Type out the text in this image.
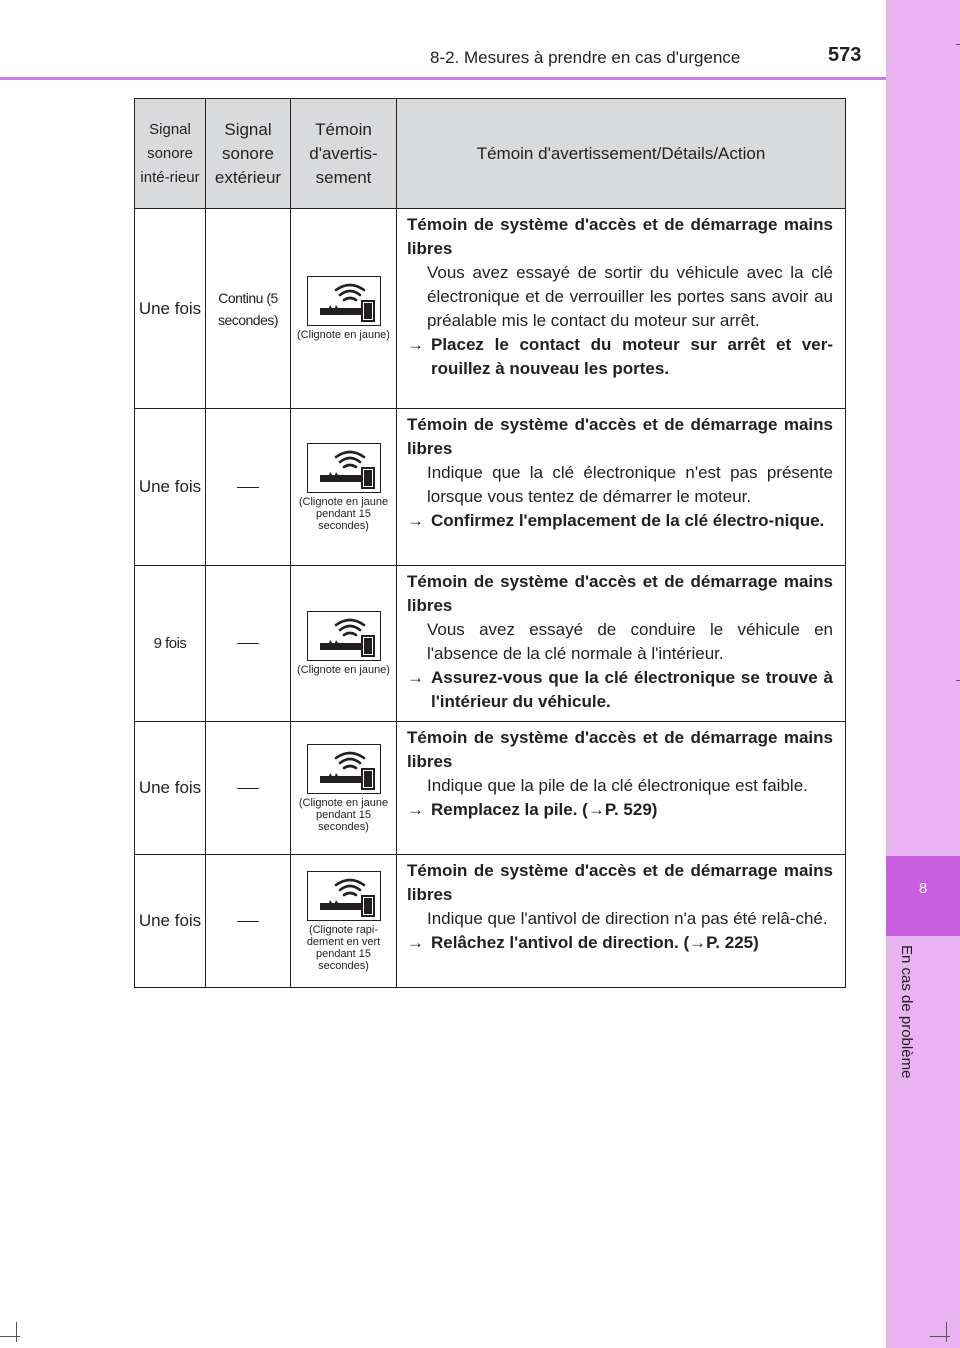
8
En cas de problème
8-2. Mesures à prendre en cas d'urgence	573
Signal sonore inté-rieur	Signal sonore extérieur	Témoin d'avertis-sement	Témoin d'avertissement/Détails/Action
Une fois	Continu (5 secondes)	(Clignote en jaune)	Témoin de système d'accès et de démarrage mains libres
Vous avez essayé de sortir du véhicule avec la clé électronique et de verrouiller les portes sans avoir au préalable mis le contact du moteur sur arrêt.
→ Placez le contact du moteur sur arrêt et ver-rouillez à nouveau les portes.

Une fois		(Clignote en jaune pendant 15 secondes)	Témoin de système d'accès et de démarrage mains libres
Indique que la clé électronique n'est pas présente lorsque vous tentez de démarrer le moteur.
→ Confirmez l'emplacement de la clé électro-nique.

9 fois		(Clignote en jaune)	Témoin de système d'accès et de démarrage mains libres
Vous avez essayé de conduire le véhicule en l'absence de la clé normale à l'intérieur.
→ Assurez-vous que la clé électronique se trouve à l'intérieur du véhicule.

Une fois		(Clignote en jaune pendant 15 secondes)	Témoin de système d'accès et de démarrage mains libres
Indique que la pile de la clé électronique est faible.
→ Remplacez la pile. (→P. 529)

Une fois		(Clignote rapi-dement en vert pendant 15 secondes)	Témoin de système d'accès et de démarrage mains libres
Indique que l'antivol de direction n'a pas été relâ-ché.
→ Relâchez l'antivol de direction. (→P. 225)
